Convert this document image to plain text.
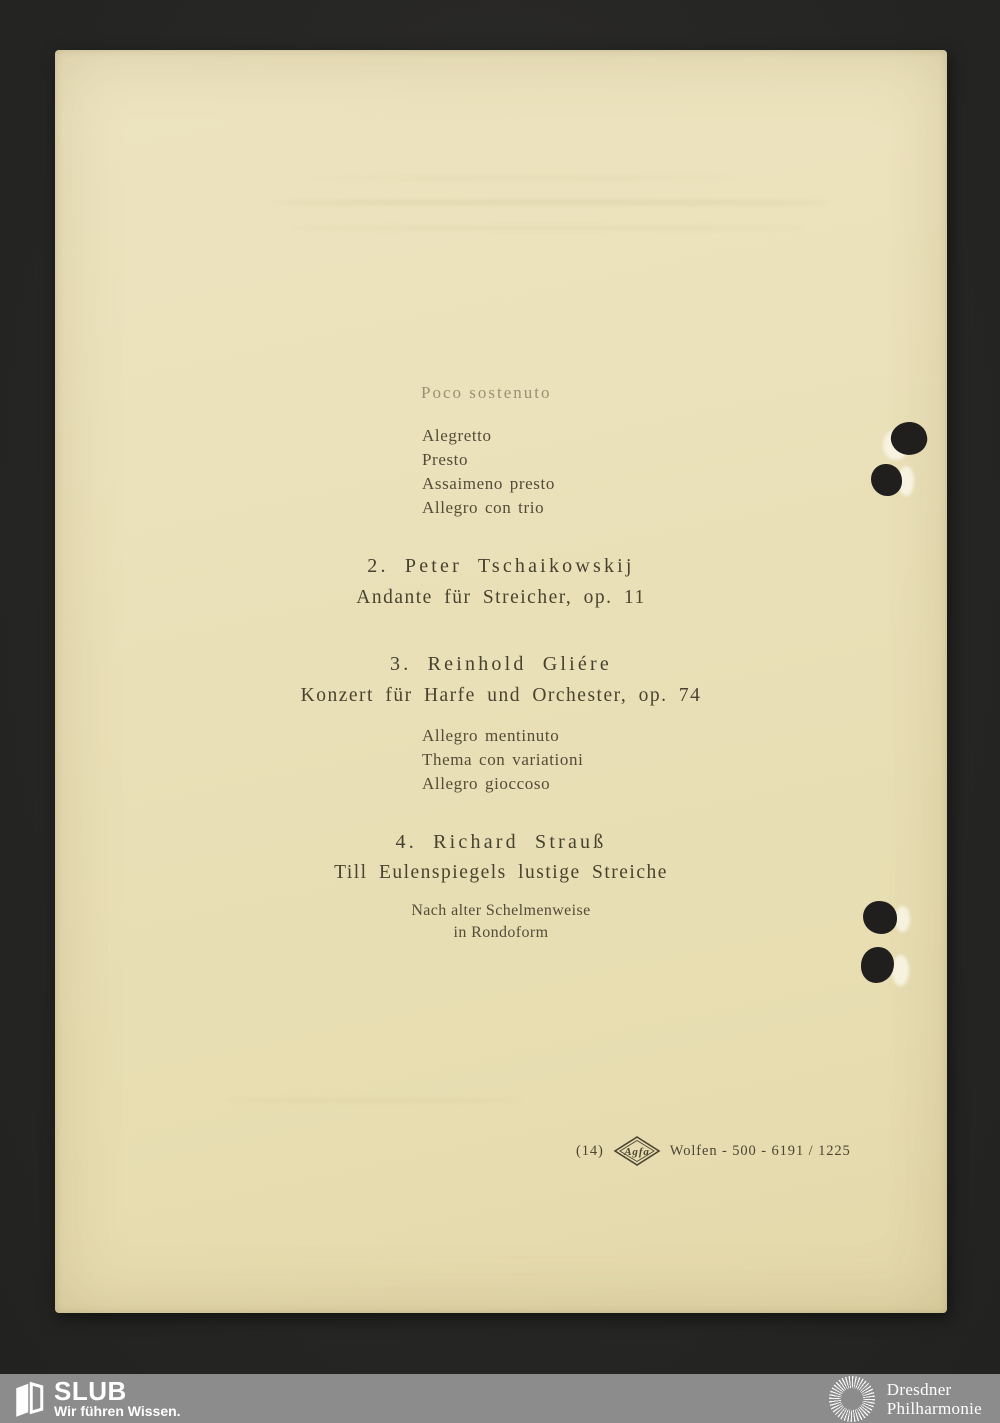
Poco sostenuto
Alegretto
Presto
Assaimeno presto
Allegro con trio
2. Peter Tschaikowskij
Andante für Streicher, op. 11
3. Reinhold Gliére
Konzert für Harfe und Orchester, op. 74
Allegro mentinuto
Thema con variationi
Allegro gioccoso
4. Richard Strauß
Till Eulenspiegels lustige Streiche
Nach alter Schelmenweise
in Rondoform
(14) Agfa Wolfen - 500 - 6191 / 1225
SLUB
Wir führen Wissen.
Dresdner
Philharmonie
